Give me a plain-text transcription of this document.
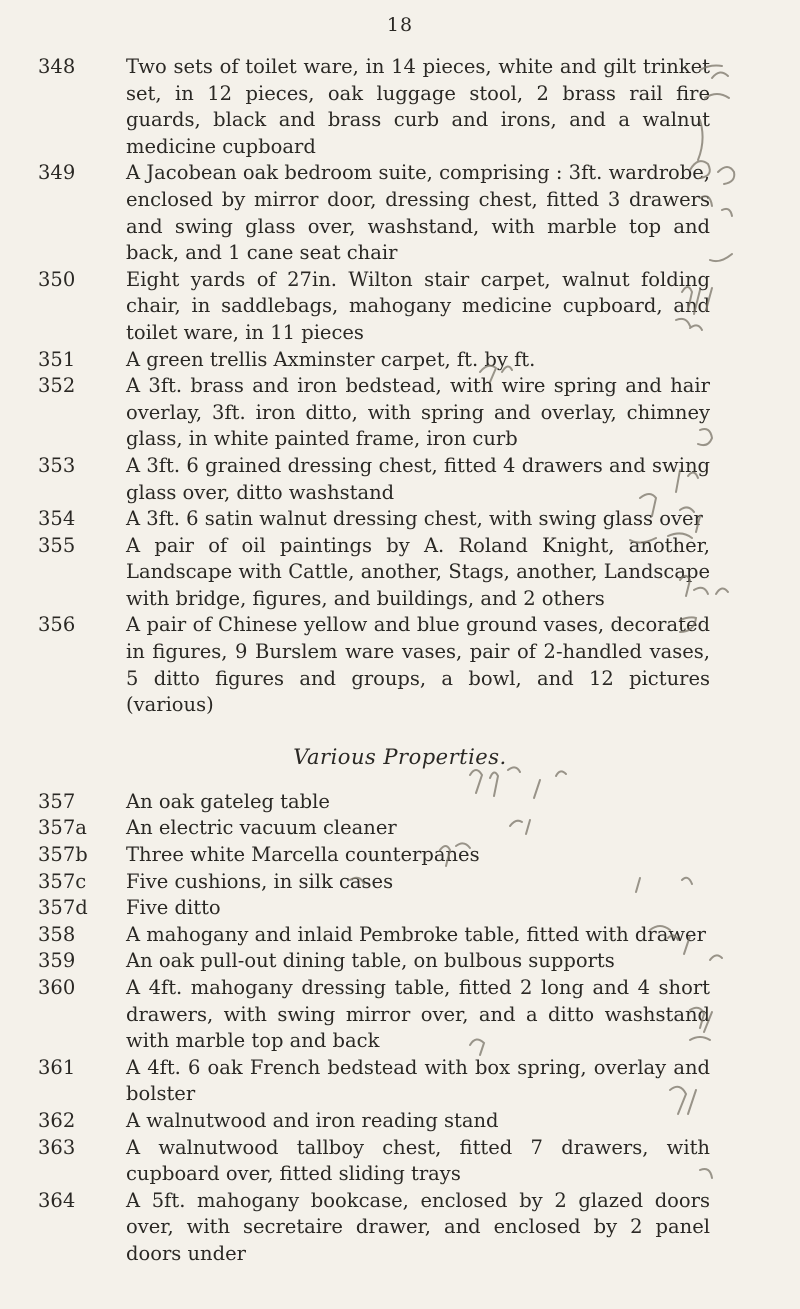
18
348	Two sets of toilet ware, in 14 pieces, white and gilt trinket set, in 12 pieces, oak luggage stool, 2 brass rail fire guards, black and brass curb and irons, and a walnut medicine cupboard
349	A Jacobean oak bedroom suite, comprising : 3ft. wardrobe, enclosed by mirror door, dressing chest, fitted 3 drawers and swing glass over, washstand, with marble top and back, and 1 cane seat chair
350	Eight yards of 27in. Wilton stair carpet, walnut folding chair, in saddlebags, mahogany medicine cupboard, and toilet ware, in 11 pieces
351	A green trellis Axminster carpet, ft. by ft.
352	A 3ft. brass and iron bedstead, with wire spring and hair overlay, 3ft. iron ditto, with spring and overlay, chimney glass, in white painted frame, iron curb
353	A 3ft. 6 grained dressing chest, fitted 4 drawers and swing glass over, ditto washstand
354	A 3ft. 6 satin walnut dressing chest, with swing glass over
355	A pair of oil paintings by A. Roland Knight, another, Landscape with Cattle, another, Stags, another, Landscape with bridge, figures, and buildings, and 2 others
356	A pair of Chinese yellow and blue ground vases, decorated in figures, 9 Burslem ware vases, pair of 2-handled vases, 5 ditto figures and groups, a bowl, and 12 pictures (various)
Various Properties.
357	An oak gateleg table
357a An electric vacuum cleaner
357b Three white Marcella counterpanes
357c Five cushions, in silk cases
357d Five ditto
358	A mahogany and inlaid Pembroke table, fitted with drawer
359	An oak pull-out dining table, on bulbous supports
360	A 4ft. mahogany dressing table, fitted 2 long and 4 short drawers, with swing mirror over, and a ditto washstand with marble top and back
361	A 4ft. 6 oak French bedstead with box spring, overlay and bolster
362	A walnutwood and iron reading stand
363	A walnutwood tallboy chest, fitted 7 drawers, with cupboard over, fitted sliding trays
364	A 5ft. mahogany bookcase, enclosed by 2 glazed doors over, with secretaire drawer, and enclosed by 2 panel doors under
